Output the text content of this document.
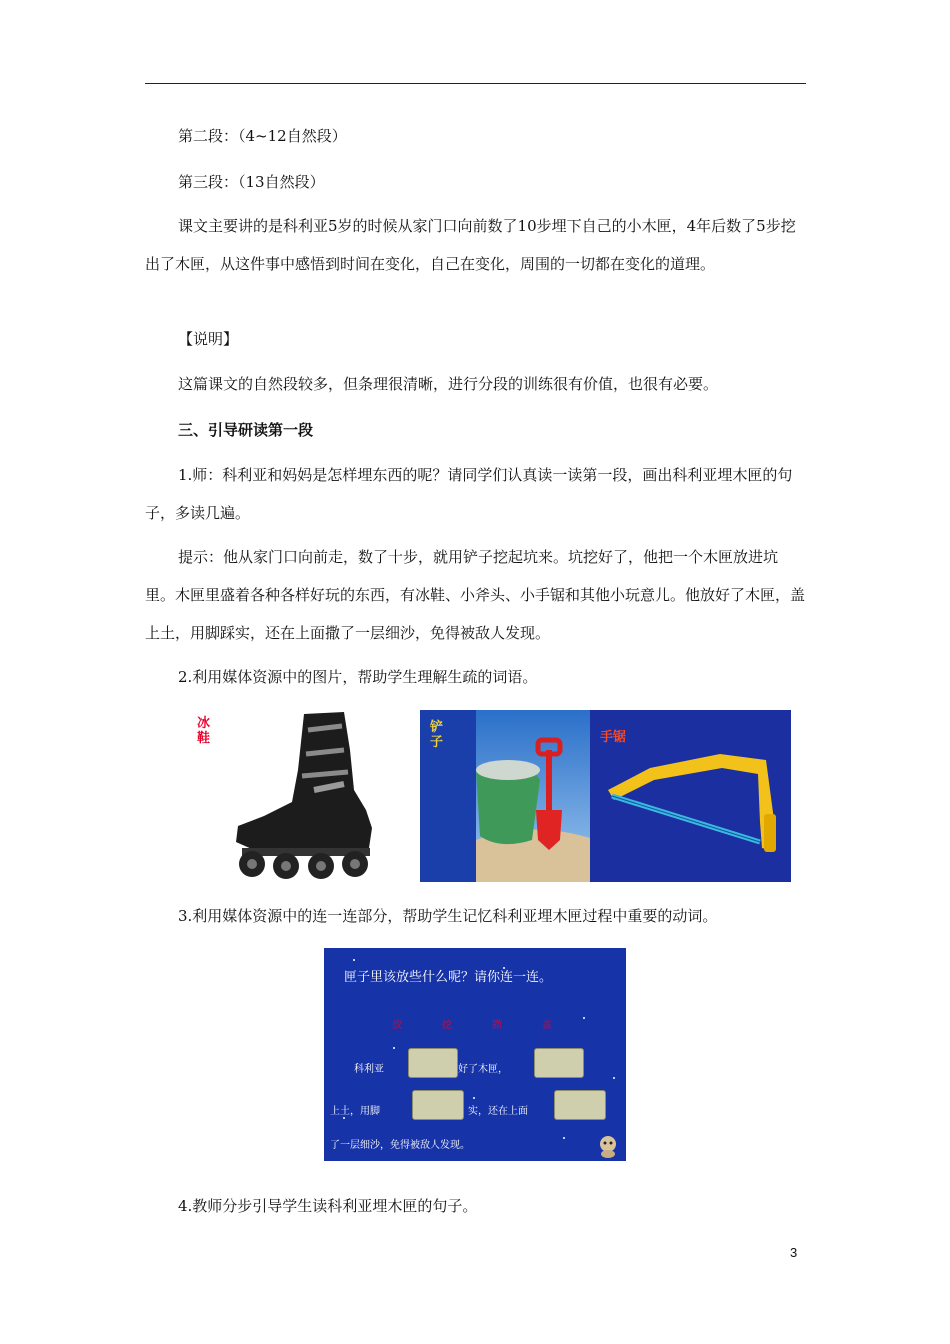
第二段：（4~12自然段）

第三段：（13自然段）

课文主要讲的是科利亚5岁的时候从家门口向前数了10步埋下自己的小木匣，4年后数了5步挖出了木匣，从这件事中感悟到时间在变化，自己在变化，周围的一切都在变化的道理。

【说明】

这篇课文的自然段较多，但条理很清晰，进行分段的训练很有价值，也很有必要。

三、引导研读第一段

1.师：科利亚和妈妈是怎样埋东西的呢？请同学们认真读一读第一段，画出科利亚埋木匣的句子，多读几遍。

提示：他从家门口向前走，数了十步，就用铲子挖起坑来。坑挖好了，他把一个木匣放进坑里。木匣里盛着各种各样好玩的东西，有冰鞋、小斧头、小手锯和其他小玩意儿。他放好了木匣，盖上土，用脚踩实，还在上面撒了一层细沙，免得被敌人发现。

2.利用媒体资源中的图片，帮助学生理解生疏的词语。

冰鞋
铲子	手锯

3.利用媒体资源中的连一连部分，帮助学生记忆科利亚埋木匣过程中重要的动词。

匣子里该放些什么呢？请你连一连。
放	挖	撒	盖
科利亚	好了木匣，
上土，用脚	实，还在上面
了一层细沙，免得被敌人发现。

4.教师分步引导学生读科利亚埋木匣的句子。

3
